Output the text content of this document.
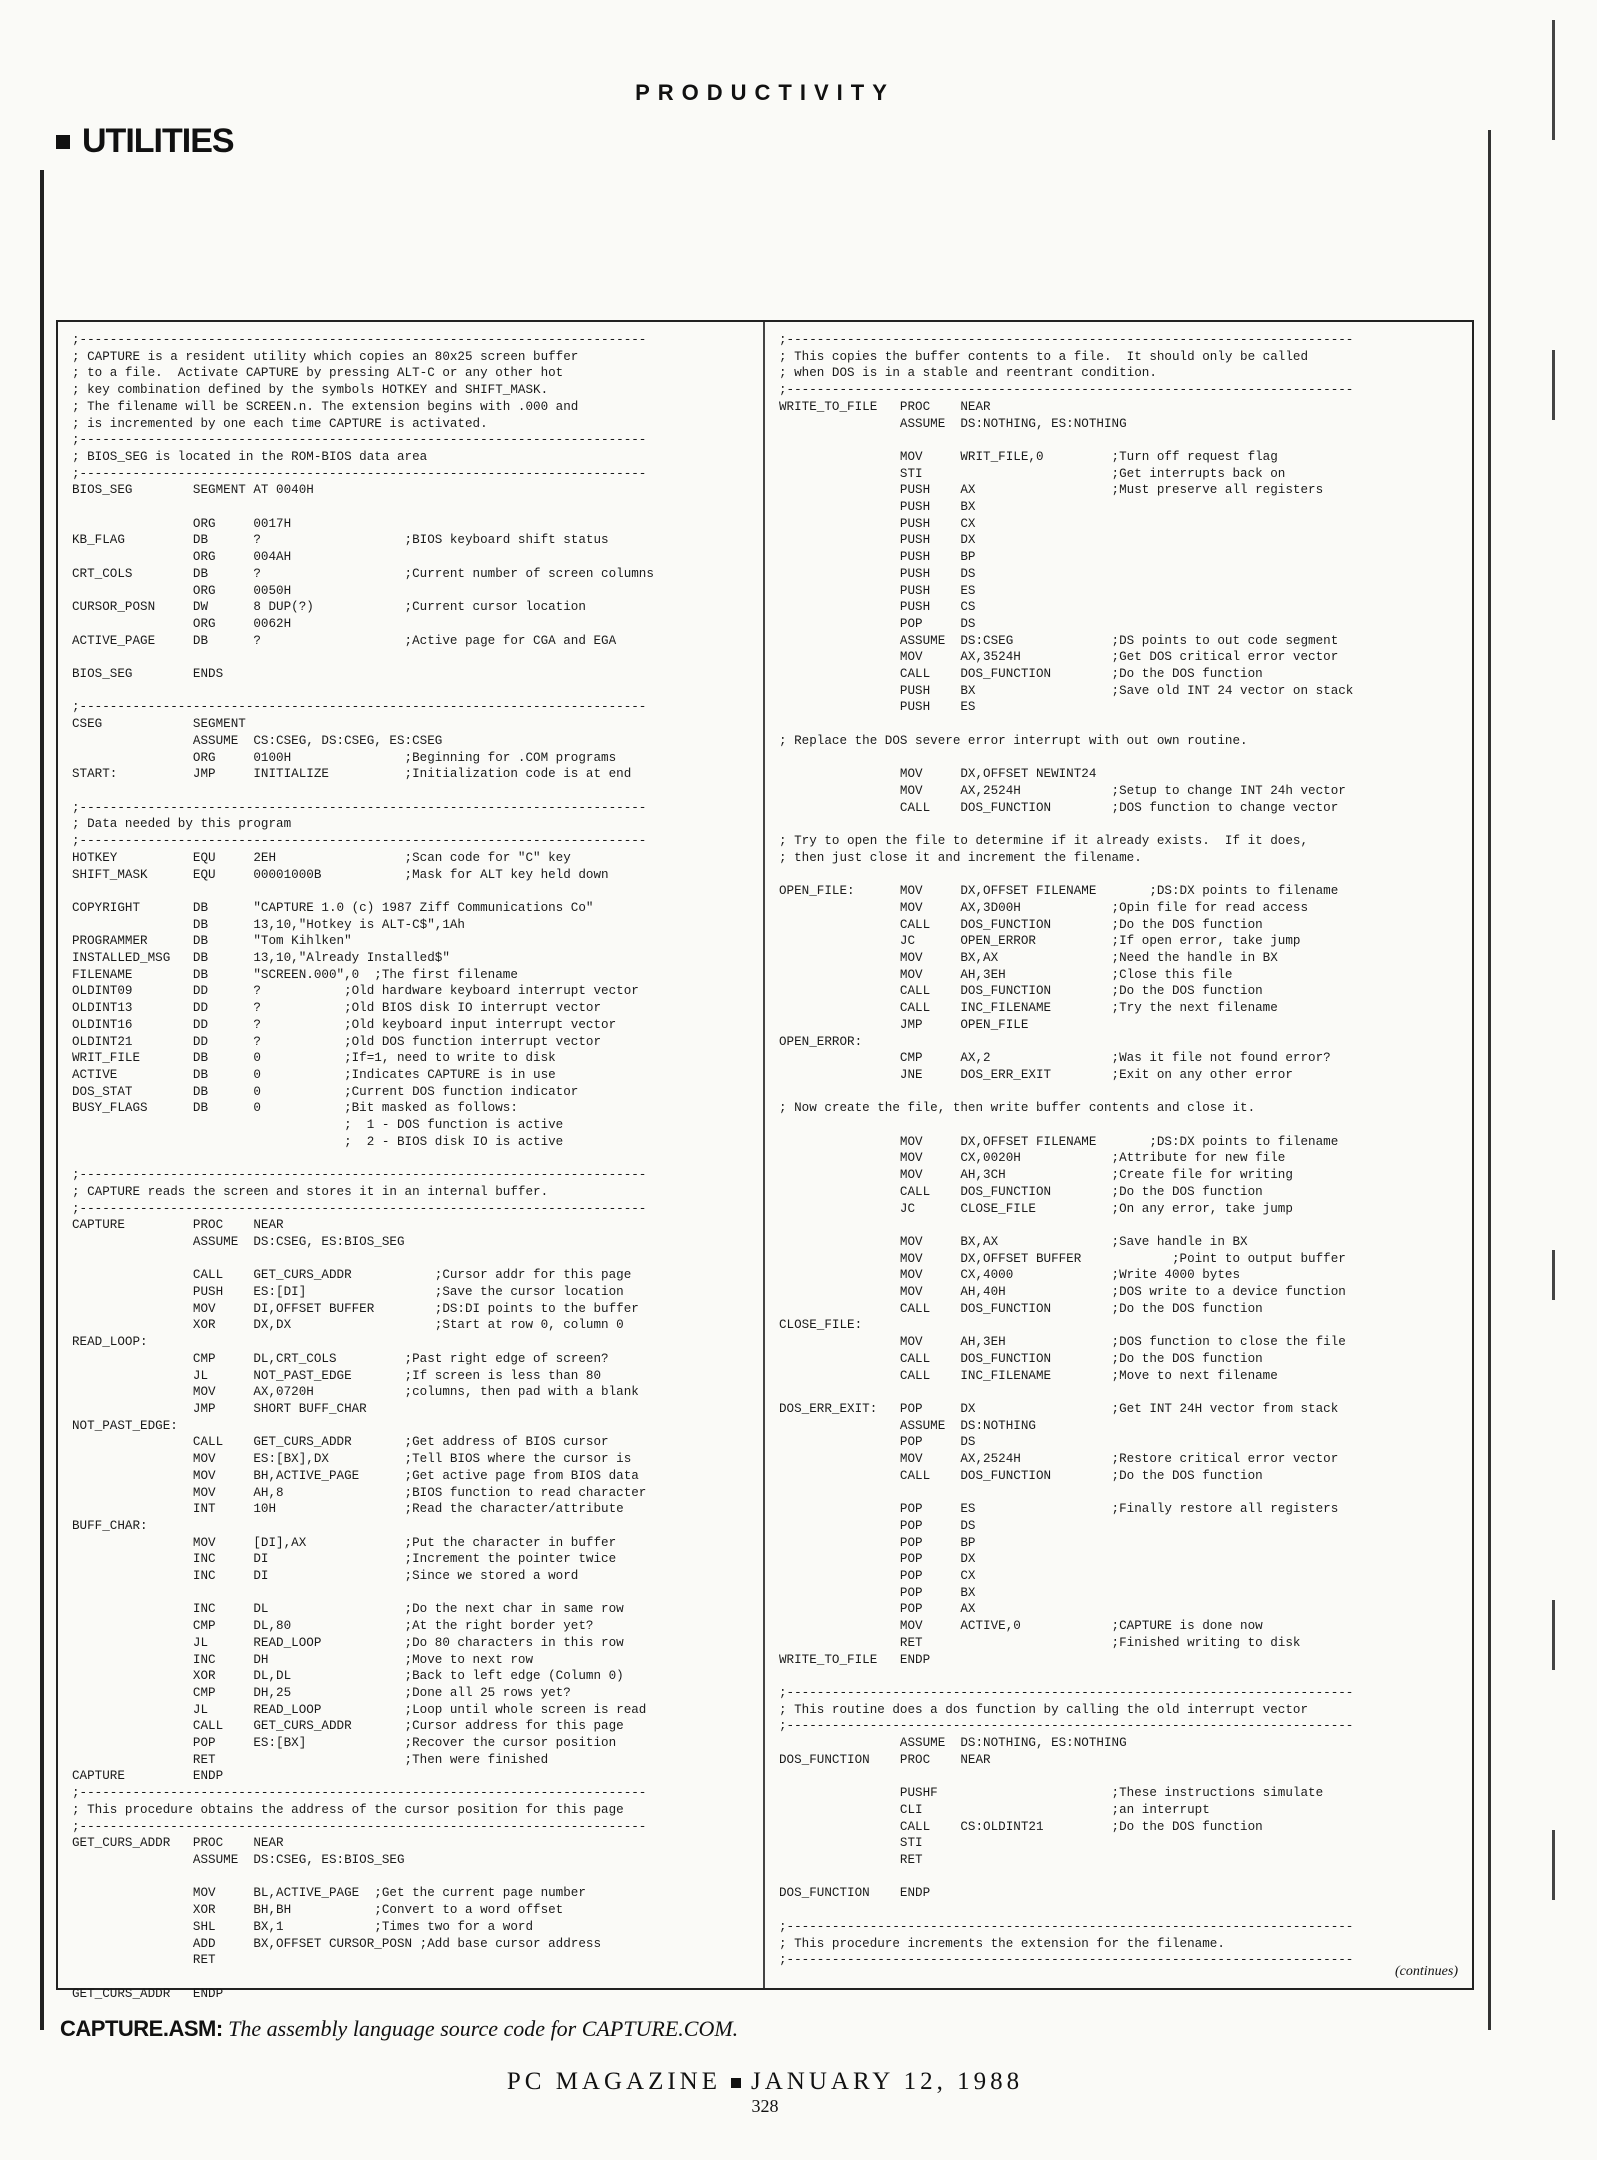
PRODUCTIVITY
UTILITIES
;---------------------------------------------------------------------------
; CAPTURE is a resident utility which copies an 80x25 screen buffer
; to a file.  Activate CAPTURE by pressing ALT-C or any other hot
; key combination defined by the symbols HOTKEY and SHIFT_MASK.
; The filename will be SCREEN.n. The extension begins with .000 and
; is incremented by one each time CAPTURE is activated.
;---------------------------------------------------------------------------
; BIOS_SEG is located in the ROM-BIOS data area
;---------------------------------------------------------------------------
BIOS_SEG        SEGMENT AT 0040H

ORG     0017H
KB_FLAG         DB      ?                   ;BIOS keyboard shift status
ORG     004AH
CRT_COLS        DB      ?                   ;Current number of screen columns
ORG     0050H
CURSOR_POSN     DW      8 DUP(?)            ;Current cursor location
ORG     0062H
ACTIVE_PAGE     DB      ?                   ;Active page for CGA and EGA

BIOS_SEG        ENDS

;---------------------------------------------------------------------------
CSEG            SEGMENT
ASSUME  CS:CSEG, DS:CSEG, ES:CSEG
ORG     0100H               ;Beginning for .COM programs
START:          JMP     INITIALIZE          ;Initialization code is at end

;---------------------------------------------------------------------------
; Data needed by this program
;---------------------------------------------------------------------------
HOTKEY          EQU     2EH                 ;Scan code for "C" key
SHIFT_MASK      EQU     00001000B           ;Mask for ALT key held down

COPYRIGHT       DB      "CAPTURE 1.0 (c) 1987 Ziff Communications Co"
DB      13,10,"Hotkey is ALT-C$",1Ah
PROGRAMMER      DB      "Tom Kihlken"
INSTALLED_MSG   DB      13,10,"Already Installed$"
FILENAME        DB      "SCREEN.000",0  ;The first filename
OLDINT09        DD      ?           ;Old hardware keyboard interrupt vector
OLDINT13        DD      ?           ;Old BIOS disk IO interrupt vector
OLDINT16        DD      ?           ;Old keyboard input interrupt vector
OLDINT21        DD      ?           ;Old DOS function interrupt vector
WRIT_FILE       DB      0           ;If=1, need to write to disk
ACTIVE          DB      0           ;Indicates CAPTURE is in use
DOS_STAT        DB      0           ;Current DOS function indicator
BUSY_FLAGS      DB      0           ;Bit masked as follows:
;  1 - DOS function is active
;  2 - BIOS disk IO is active

;---------------------------------------------------------------------------
; CAPTURE reads the screen and stores it in an internal buffer.
;---------------------------------------------------------------------------
CAPTURE         PROC    NEAR
ASSUME  DS:CSEG, ES:BIOS_SEG

CALL    GET_CURS_ADDR           ;Cursor addr for this page
PUSH    ES:[DI]                 ;Save the cursor location
MOV     DI,OFFSET BUFFER        ;DS:DI points to the buffer
XOR     DX,DX                   ;Start at row 0, column 0
READ_LOOP:
CMP     DL,CRT_COLS         ;Past right edge of screen?
JL      NOT_PAST_EDGE       ;If screen is less than 80
MOV     AX,0720H            ;columns, then pad with a blank
JMP     SHORT BUFF_CHAR
NOT_PAST_EDGE:
CALL    GET_CURS_ADDR       ;Get address of BIOS cursor
MOV     ES:[BX],DX          ;Tell BIOS where the cursor is
MOV     BH,ACTIVE_PAGE      ;Get active page from BIOS data
MOV     AH,8                ;BIOS function to read character
INT     10H                 ;Read the character/attribute
BUFF_CHAR:
MOV     [DI],AX             ;Put the character in buffer
INC     DI                  ;Increment the pointer twice
INC     DI                  ;Since we stored a word

INC     DL                  ;Do the next char in same row
CMP     DL,80               ;At the right border yet?
JL      READ_LOOP           ;Do 80 characters in this row
INC     DH                  ;Move to next row
XOR     DL,DL               ;Back to left edge (Column 0)
CMP     DH,25               ;Done all 25 rows yet?
JL      READ_LOOP           ;Loop until whole screen is read
CALL    GET_CURS_ADDR       ;Cursor address for this page
POP     ES:[BX]             ;Recover the cursor position
RET                         ;Then were finished
CAPTURE         ENDP
;---------------------------------------------------------------------------
; This procedure obtains the address of the cursor position for this page
;---------------------------------------------------------------------------
GET_CURS_ADDR   PROC    NEAR
ASSUME  DS:CSEG, ES:BIOS_SEG

MOV     BL,ACTIVE_PAGE  ;Get the current page number
XOR     BH,BH           ;Convert to a word offset
SHL     BX,1            ;Times two for a word
ADD     BX,OFFSET CURSOR_POSN ;Add base cursor address
RET

GET_CURS_ADDR   ENDP
;---------------------------------------------------------------------------
; This copies the buffer contents to a file.  It should only be called
; when DOS is in a stable and reentrant condition.
;---------------------------------------------------------------------------
WRITE_TO_FILE   PROC    NEAR
ASSUME  DS:NOTHING, ES:NOTHING

MOV     WRIT_FILE,0         ;Turn off request flag
STI                         ;Get interrupts back on
PUSH    AX                  ;Must preserve all registers
PUSH    BX
PUSH    CX
PUSH    DX
PUSH    BP
PUSH    DS
PUSH    ES
PUSH    CS
POP     DS
ASSUME  DS:CSEG             ;DS points to out code segment
MOV     AX,3524H            ;Get DOS critical error vector
CALL    DOS_FUNCTION        ;Do the DOS function
PUSH    BX                  ;Save old INT 24 vector on stack
PUSH    ES

; Replace the DOS severe error interrupt with out own routine.

MOV     DX,OFFSET NEWINT24
MOV     AX,2524H            ;Setup to change INT 24h vector
CALL    DOS_FUNCTION        ;DOS function to change vector

; Try to open the file to determine if it already exists.  If it does,
; then just close it and increment the filename.

OPEN_FILE:      MOV     DX,OFFSET FILENAME       ;DS:DX points to filename
MOV     AX,3D00H            ;Opin file for read access
CALL    DOS_FUNCTION        ;Do the DOS function
JC      OPEN_ERROR          ;If open error, take jump
MOV     BX,AX               ;Need the handle in BX
MOV     AH,3EH              ;Close this file
CALL    DOS_FUNCTION        ;Do the DOS function
CALL    INC_FILENAME        ;Try the next filename
JMP     OPEN_FILE
OPEN_ERROR:
CMP     AX,2                ;Was it file not found error?
JNE     DOS_ERR_EXIT        ;Exit on any other error

; Now create the file, then write buffer contents and close it.

MOV     DX,OFFSET FILENAME       ;DS:DX points to filename
MOV     CX,0020H            ;Attribute for new file
MOV     AH,3CH              ;Create file for writing
CALL    DOS_FUNCTION        ;Do the DOS function
JC      CLOSE_FILE          ;On any error, take jump

MOV     BX,AX               ;Save handle in BX
MOV     DX,OFFSET BUFFER            ;Point to output buffer
MOV     CX,4000             ;Write 4000 bytes
MOV     AH,40H              ;DOS write to a device function
CALL    DOS_FUNCTION        ;Do the DOS function
CLOSE_FILE:
MOV     AH,3EH              ;DOS function to close the file
CALL    DOS_FUNCTION        ;Do the DOS function
CALL    INC_FILENAME        ;Move to next filename

DOS_ERR_EXIT:   POP     DX                  ;Get INT 24H vector from stack
ASSUME  DS:NOTHING
POP     DS
MOV     AX,2524H            ;Restore critical error vector
CALL    DOS_FUNCTION        ;Do the DOS function

POP     ES                  ;Finally restore all registers
POP     DS
POP     BP
POP     DX
POP     CX
POP     BX
POP     AX
MOV     ACTIVE,0            ;CAPTURE is done now
RET                         ;Finished writing to disk
WRITE_TO_FILE   ENDP

;---------------------------------------------------------------------------
; This routine does a dos function by calling the old interrupt vector
;---------------------------------------------------------------------------
ASSUME  DS:NOTHING, ES:NOTHING
DOS_FUNCTION    PROC    NEAR

PUSHF                       ;These instructions simulate
CLI                         ;an interrupt
CALL    CS:OLDINT21         ;Do the DOS function
STI
RET

DOS_FUNCTION    ENDP

;---------------------------------------------------------------------------
; This procedure increments the extension for the filename.
;---------------------------------------------------------------------------
(continues)
CAPTURE.ASM: The assembly language source code for CAPTURE.COM.
PC MAGAZINE JANUARY 12, 1988
328
